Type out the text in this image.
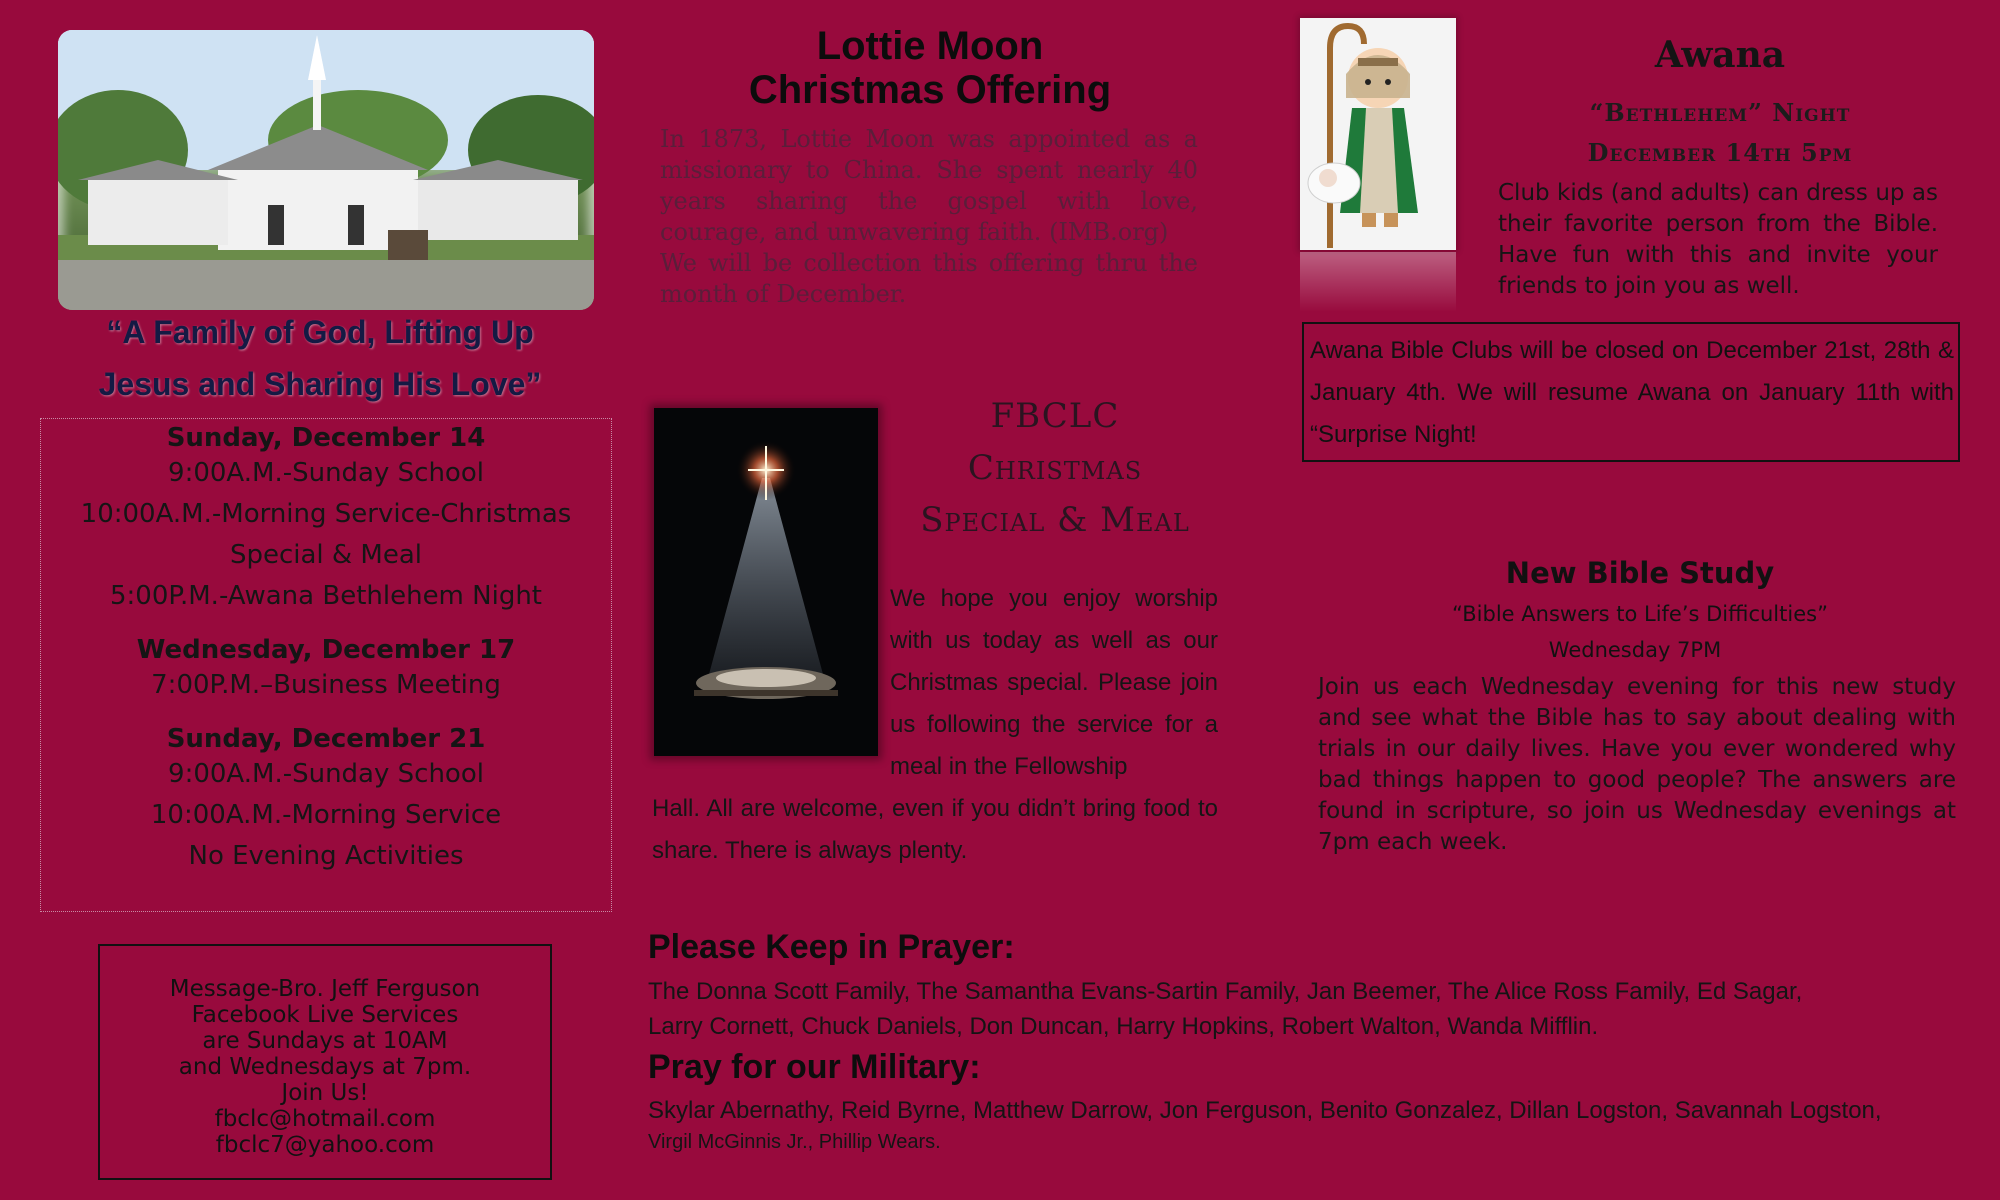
“A Family of God, Lifting Up
Jesus and Sharing His Love”
Sunday, December 14
9:00A.M.-Sunday School
10:00A.M.-Morning Service-Christmas
Special & Meal
5:00P.M.-Awana Bethlehem Night
Wednesday, December 17
7:00P.M.–Business Meeting
Sunday, December 21
9:00A.M.-Sunday School
10:00A.M.-Morning Service
No Evening Activities
Message-Bro. Jeff Ferguson
Facebook Live Services
are Sundays at 10AM
and Wednesdays at 7pm.
Join Us!
fbclc@hotmail.com
fbclc7@yahoo.com
Lottie Moon
Christmas Offering
In 1873, Lottie Moon was appointed as a missionary to China. She spent nearly 40 years sharing the gospel with love, courage, and unwavering faith. (IMB.org)
We will be collection this offering thru the month of December.
FBCLC
Christmas
Special & Meal
We hope you enjoy worship with us today as well as our Christmas special. Please join us following the service for a meal in the Fellowship
Hall. All are welcome, even if you didn’t bring food to share. There is always plenty.
Awana
“Bethlehem” Night
December 14th 5pm
Club kids (and adults) can dress up as their favorite person from the Bible. Have fun with this and invite your friends to join you as well.
Awana Bible Clubs will be closed on December 21st, 28th & January 4th. We will resume Awana on January 11th with “Surprise Night!
New Bible Study
“Bible Answers to Life’s Difficulties”
Wednesday 7PM
Join us each Wednesday evening for this new study and see what the Bible has to say about dealing with trials in our daily lives. Have you ever wondered why bad things happen to good people? The answers are found in scripture, so join us Wednesday evenings at 7pm each week.
Please Keep in Prayer:
The Donna Scott Family, The Samantha Evans-Sartin Family, Jan Beemer, The Alice Ross Family, Ed Sagar,
Larry Cornett, Chuck Daniels, Don Duncan, Harry Hopkins, Robert Walton, Wanda Mifflin.
Pray for our Military:
Skylar Abernathy, Reid Byrne, Matthew Darrow, Jon Ferguson, Benito Gonzalez, Dillan Logston, Savannah Logston,
Virgil McGinnis Jr., Phillip Wears.
